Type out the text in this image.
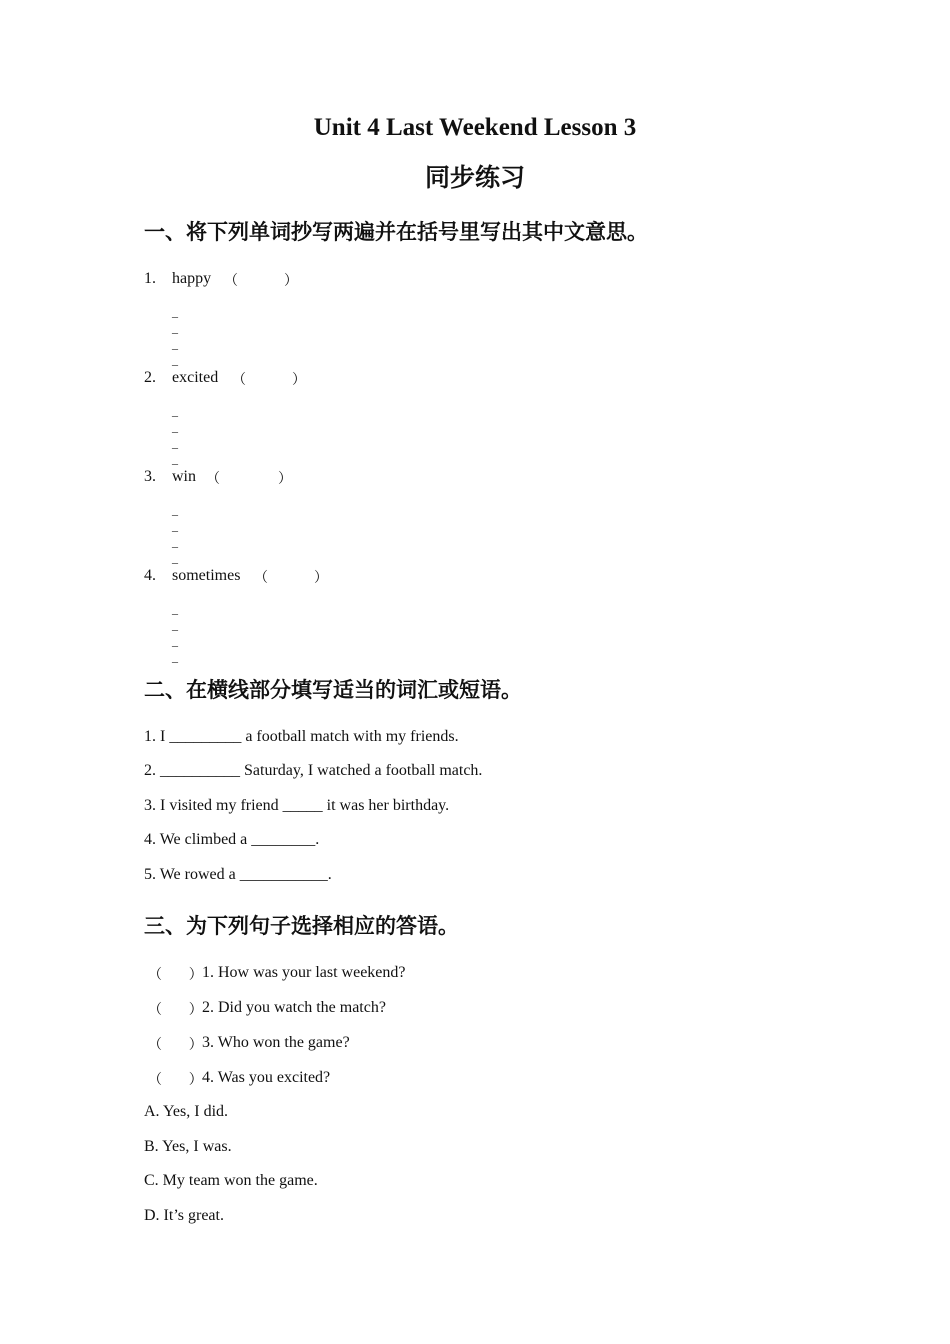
Unit 4 Last Weekend Lesson 3
同步练习
一、将下列单词抄写两遍并在括号里写出其中文意思。
1. happy （	）
_
_
_
_
2. excited （	）
_
_
_
_
3. win （	）
_
_
_
_
4. sometimes （	）
_
_
_
_
二、在横线部分填写适当的词汇或短语。
1. I _________ a football match with my friends.
2. __________ Saturday, I watched a football match.
3. I visited my friend _____ it was her birthday.
4. We climbed a ________.
5. We rowed a ___________.
三、为下列句子选择相应的答语。
（      ） 1. How was your last weekend?
（      ） 2. Did you watch the match?
（      ） 3. Who won the game?
（      ） 4. Was you excited?
A. Yes, I did.
B. Yes, I was.
C. My team won the game.
D. It’s great.
